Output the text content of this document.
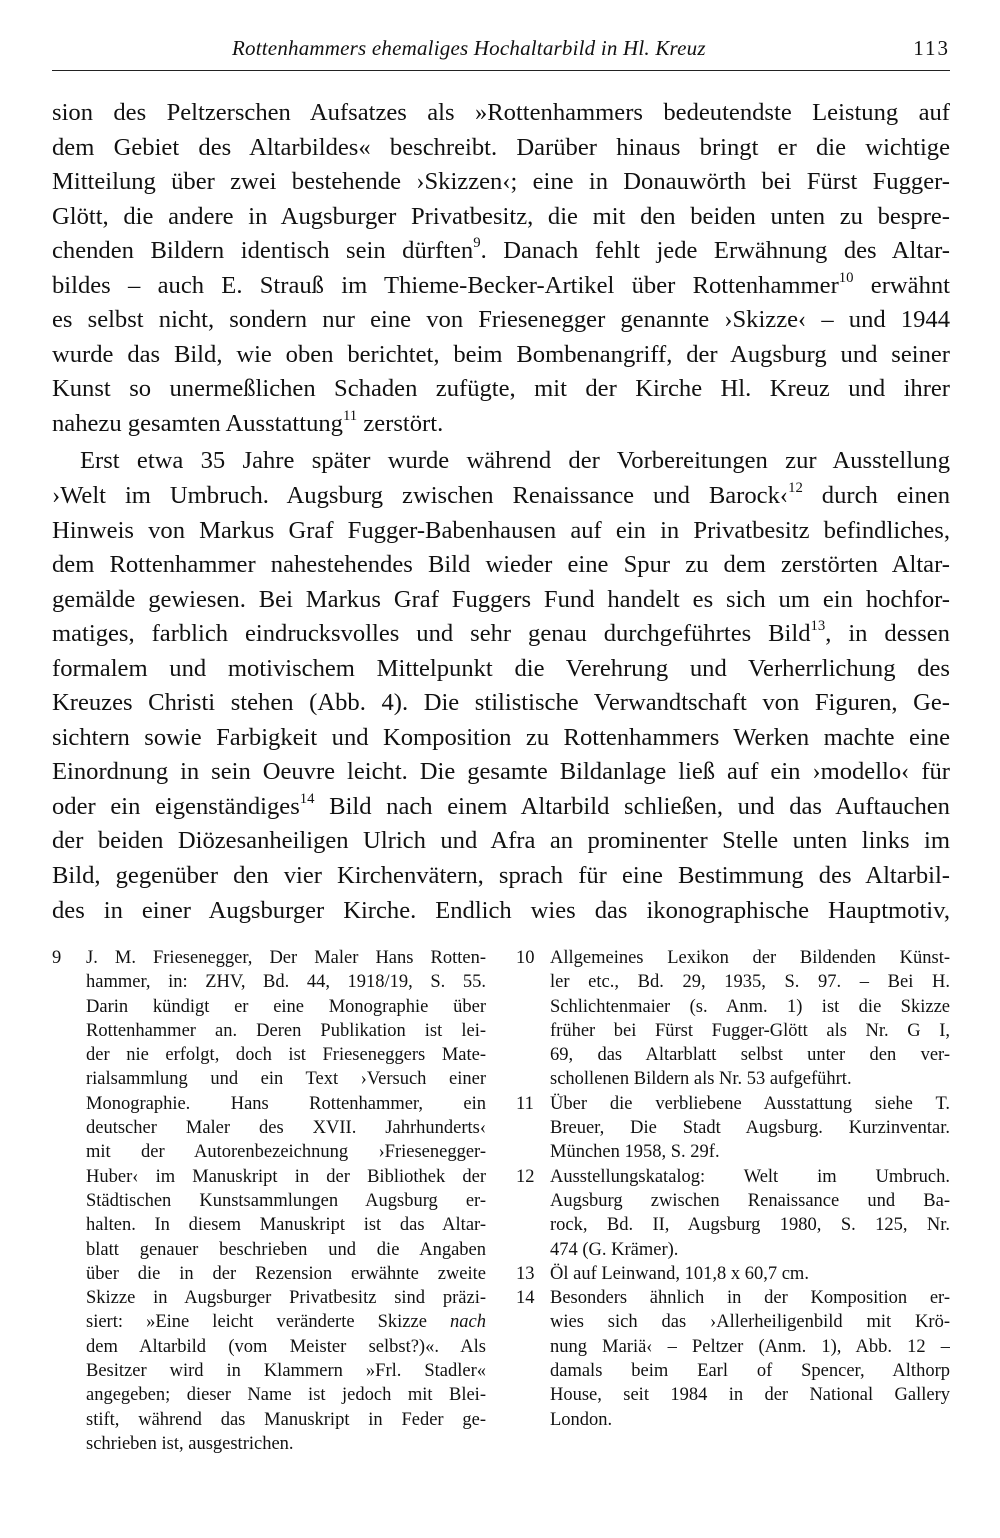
Rottenhammers ehemaliges Hochaltarbild in Hl. Kreuz	113
sion des Peltzerschen Aufsatzes als »Rottenhammers bedeutendste Leistung auf
dem Gebiet des Altarbildes« beschreibt. Darüber hinaus bringt er die wichtige
Mitteilung über zwei bestehende ›Skizzen‹; eine in Donauwörth bei Fürst Fugger-
Glött, die andere in Augsburger Privatbesitz, die mit den beiden unten zu bespre-
chenden Bildern identisch sein dürften$^9$. Danach fehlt jede Erwähnung des Altar-
bildes – auch E. Strauß im Thieme-Becker-Artikel über Rottenhammer$^{10}$ erwähnt
es selbst nicht, sondern nur eine von Friesenegger genannte ›Skizze‹ – und 1944
wurde das Bild, wie oben berichtet, beim Bombenangriff, der Augsburg und seiner
Kunst so unermeßlichen Schaden zufügte, mit der Kirche Hl. Kreuz und ihrer
nahezu gesamten Ausstattung$^{11}$ zerstört.
Erst etwa 35 Jahre später wurde während der Vorbereitungen zur Ausstellung
›Welt im Umbruch. Augsburg zwischen Renaissance und Barock‹$^{12}$ durch einen
Hinweis von Markus Graf Fugger-Babenhausen auf ein in Privatbesitz befindliches,
dem Rottenhammer nahestehendes Bild wieder eine Spur zu dem zerstörten Altar-
gemälde gewiesen. Bei Markus Graf Fuggers Fund handelt es sich um ein hochfor-
matiges, farblich eindrucksvolles und sehr genau durchgeführtes Bild$^{13}$, in dessen
formalem und motivischem Mittelpunkt die Verehrung und Verherrlichung des
Kreuzes Christi stehen (Abb. 4). Die stilistische Verwandtschaft von Figuren, Ge-
sichtern sowie Farbigkeit und Komposition zu Rottenhammers Werken machte eine
Einordnung in sein Oeuvre leicht. Die gesamte Bildanlage ließ auf ein ›modello‹ für
oder ein eigenständiges$^{14}$ Bild nach einem Altarbild schließen, und das Auftauchen
der beiden Diözesanheiligen Ulrich und Afra an prominenter Stelle unten links im
Bild, gegenüber den vier Kirchenvätern, sprach für eine Bestimmung des Altarbil-
des in einer Augsburger Kirche. Endlich wies das ikonographische Hauptmotiv,
9 J. M. Friesenegger, Der Maler Hans Rotten-
hammer, in: ZHV, Bd. 44, 1918/19, S. 55.
Darin kündigt er eine Monographie über
Rottenhammer an. Deren Publikation ist lei-
der nie erfolgt, doch ist Frieseneggers Mate-
rialsammlung und ein Text ›Versuch einer
Monographie. Hans Rottenhammer, ein
deutscher Maler des XVII. Jahrhunderts‹
mit der Autorenbezeichnung ›Friesenegger-
Huber‹ im Manuskript in der Bibliothek der
Städtischen Kunstsammlungen Augsburg er-
halten. In diesem Manuskript ist das Altar-
blatt genauer beschrieben und die Angaben
über die in der Rezension erwähnte zweite
Skizze in Augsburger Privatbesitz sind präzi-
siert: »Eine leicht veränderte Skizze nach
dem Altarbild (vom Meister selbst?)«. Als
Besitzer wird in Klammern »Frl. Stadler«
angegeben; dieser Name ist jedoch mit Blei-
stift, während das Manuskript in Feder ge-
schrieben ist, ausgestrichen.
10 Allgemeines Lexikon der Bildenden Künst-
ler etc., Bd. 29, 1935, S. 97. – Bei H.
Schlichtenmaier (s. Anm. 1) ist die Skizze
früher bei Fürst Fugger-Glött als Nr. G I,
69, das Altarblatt selbst unter den ver-
schollenen Bildern als Nr. 53 aufgeführt.
11 Über die verbliebene Ausstattung siehe T.
Breuer, Die Stadt Augsburg. Kurzinventar.
München 1958, S. 29f.
12 Ausstellungskatalog: Welt im Umbruch.
Augsburg zwischen Renaissance und Ba-
rock, Bd. II, Augsburg 1980, S. 125, Nr.
474 (G. Krämer).
13 Öl auf Leinwand, 101,8 x 60,7 cm.
14 Besonders ähnlich in der Komposition er-
wies sich das ›Allerheiligenbild mit Krö-
nung Mariä‹ – Peltzer (Anm. 1), Abb. 12 –
damals beim Earl of Spencer, Althorp
House, seit 1984 in der National Gallery
London.
